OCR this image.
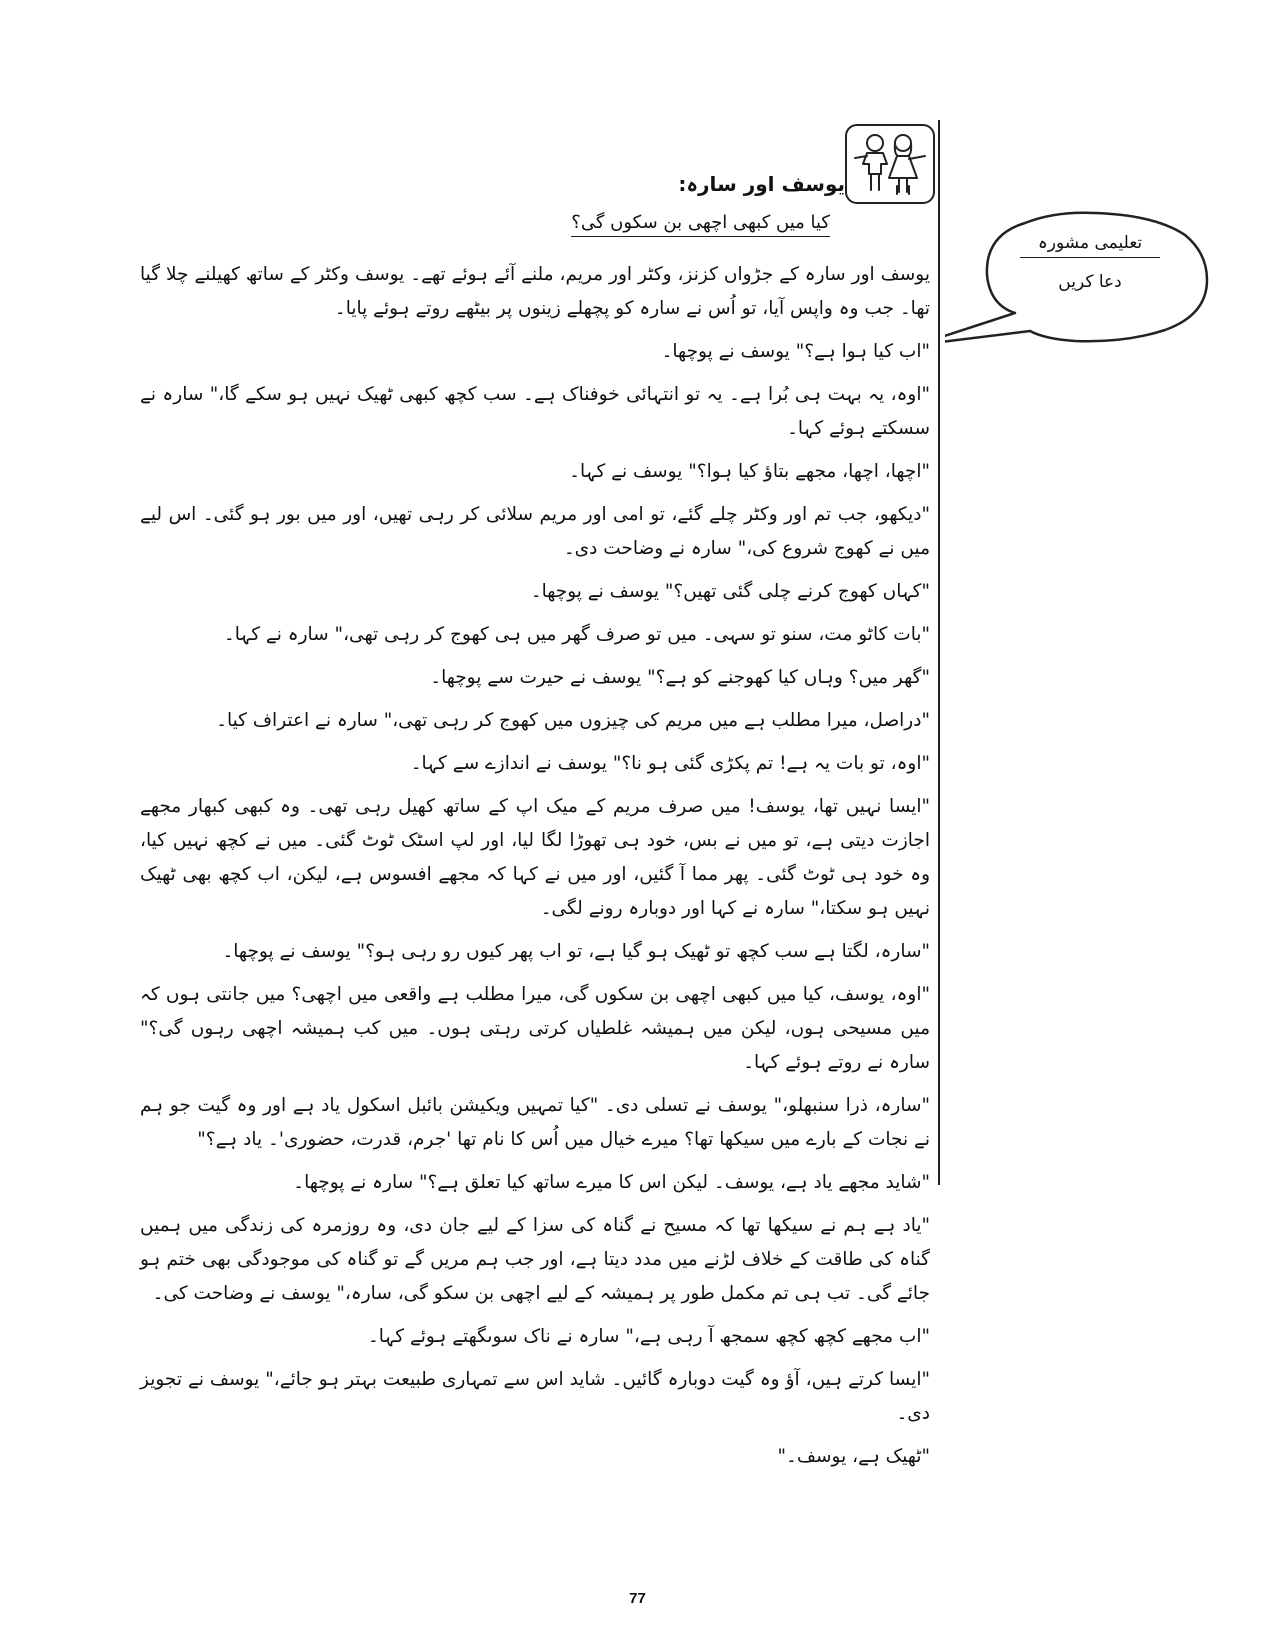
یوسف اور سارہ:
کیا میں کبھی اچھی بن سکوں گی؟

یوسف اور سارہ کے جڑواں کزنز، وکٹر اور مریم، ملنے آئے ہوئے تھے۔ یوسف وکٹر کے ساتھ کھیلنے چلا گیا تھا۔ جب وہ واپس آیا، تو اُس نے سارہ کو پچھلے زینوں پر بیٹھے روتے ہوئے پایا۔

"اب کیا ہوا ہے؟" یوسف نے پوچھا۔

"اوہ، یہ بہت ہی بُرا ہے۔ یہ تو انتہائی خوفناک ہے۔ سب کچھ کبھی ٹھیک نہیں ہو سکے گا،" سارہ نے سسکتے ہوئے کہا۔

"اچھا، اچھا، مجھے بتاؤ کیا ہوا؟" یوسف نے کہا۔

"دیکھو، جب تم اور وکٹر چلے گئے، تو امی اور مریم سلائی کر رہی تھیں، اور میں بور ہو گئی۔ اس لیے میں نے کھوج شروع کی،" سارہ نے وضاحت دی۔

"کہاں کھوج کرنے چلی گئی تھیں؟" یوسف نے پوچھا۔

"بات کاٹو مت، سنو تو سہی۔ میں تو صرف گھر میں ہی کھوج کر رہی تھی،" سارہ نے کہا۔

"گھر میں؟ وہاں کیا کھوجنے کو ہے؟" یوسف نے حیرت سے پوچھا۔

"دراصل، میرا مطلب ہے میں مریم کی چیزوں میں کھوج کر رہی تھی،" سارہ نے اعتراف کیا۔

"اوہ، تو بات یہ ہے! تم پکڑی گئی ہو نا؟" یوسف نے اندازے سے کہا۔

"ایسا نہیں تھا، یوسف! میں صرف مریم کے میک اپ کے ساتھ کھیل رہی تھی۔ وہ کبھی کبھار مجھے اجازت دیتی ہے، تو میں نے بس، خود ہی تھوڑا لگا لیا، اور لپ اسٹک ٹوٹ گئی۔ میں نے کچھ نہیں کیا، وہ خود ہی ٹوٹ گئی۔ پھر مما آ گئیں، اور میں نے کہا کہ مجھے افسوس ہے، لیکن، اب کچھ بھی ٹھیک نہیں ہو سکتا،" سارہ نے کہا اور دوبارہ رونے لگی۔

"سارہ، لگتا ہے سب کچھ تو ٹھیک ہو گیا ہے، تو اب پھر کیوں رو رہی ہو؟" یوسف نے پوچھا۔

"اوہ، یوسف، کیا میں کبھی اچھی بن سکوں گی، میرا مطلب ہے واقعی میں اچھی؟ میں جانتی ہوں کہ میں مسیحی ہوں، لیکن میں ہمیشہ غلطیاں کرتی رہتی ہوں۔ میں کب ہمیشہ اچھی رہوں گی؟" سارہ نے روتے ہوئے کہا۔

"سارہ، ذرا سنبھلو،" یوسف نے تسلی دی۔ "کیا تمہیں ویکیشن بائبل اسکول یاد ہے اور وہ گیت جو ہم نے نجات کے بارے میں سیکھا تھا؟ میرے خیال میں اُس کا نام تھا 'جرم، قدرت، حضوری'۔ یاد ہے؟"

"شاید مجھے یاد ہے، یوسف۔ لیکن اس کا میرے ساتھ کیا تعلق ہے؟" سارہ نے پوچھا۔

"یاد ہے ہم نے سیکھا تھا کہ مسیح نے گناہ کی سزا کے لیے جان دی، وہ روزمرہ کی زندگی میں ہمیں گناہ کی طاقت کے خلاف لڑنے میں مدد دیتا ہے، اور جب ہم مریں گے تو گناہ کی موجودگی بھی ختم ہو جائے گی۔ تب ہی تم مکمل طور پر ہمیشہ کے لیے اچھی بن سکو گی، سارہ،" یوسف نے وضاحت کی۔

"اب مجھے کچھ کچھ سمجھ آ رہی ہے،" سارہ نے ناک سوںگھتے ہوئے کہا۔

"ایسا کرتے ہیں، آؤ وہ گیت دوبارہ گائیں۔ شاید اس سے تمہاری طبیعت بہتر ہو جائے،" یوسف نے تجویز دی۔

"ٹھیک ہے، یوسف۔"

تعلیمی مشورہ
دعا کریں
77
